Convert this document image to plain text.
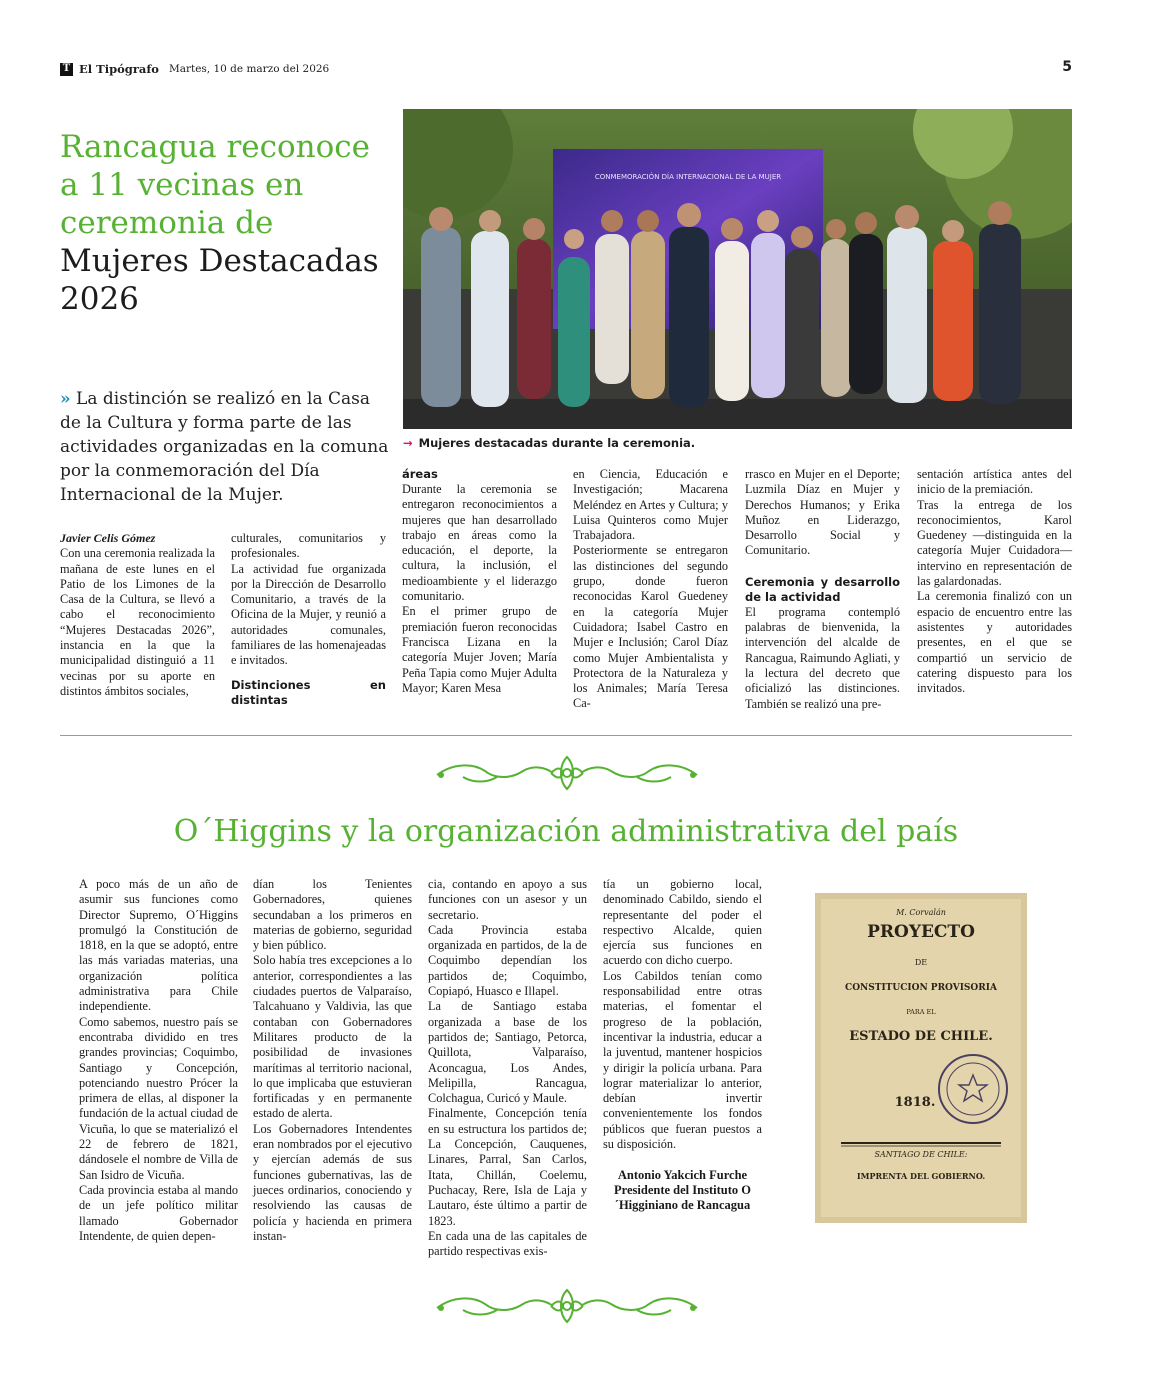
T El Tipógrafo Martes, 10 de marzo del 2026	5
Rancagua reconoce a 11 vecinas en ceremonia de
Mujeres Destacadas 2026
CONMEMORACIÓN DÍA INTERNACIONAL DE LA MUJER
→ Mujeres destacadas durante la ceremonia.
» La distinción se realizó en la Casa de la Cultura y forma parte de las actividades organizadas en la comuna por la conmemoración del Día Internacional de la Mujer.

Javier Celis Gómez

Con una ceremonia realizada la mañana de este lunes en el Patio de los Limones de la Casa de la Cultura, se llevó a cabo el reconocimiento “Mujeres Destacadas 2026”, instancia en la que la municipalidad distinguió a 11 vecinas por su aporte en distintos ámbitos sociales,

culturales, comunitarios y profesionales.

La actividad fue organizada por la Dirección de Desarrollo Comunitario, a través de la Oficina de la Mujer, y reunió a autoridades comunales, familiares de las homenajeadas e invitados.

Distinciones en distintas

áreas

Durante la ceremonia se entregaron reconocimientos a mujeres que han desarrollado trabajo en áreas como la educación, el deporte, la cultura, la inclusión, el medioambiente y el liderazgo comunitario.

En el primer grupo de premiación fueron reconocidas Francisca Lizana en la categoría Mujer Joven; María Peña Tapia como Mujer Adulta Mayor; Karen Mesa

en Ciencia, Educación e Investigación; Macarena Meléndez en Artes y Cultura; y Luisa Quinteros como Mujer Trabajadora.

Posteriormente se entregaron las distinciones del segundo grupo, donde fueron reconocidas Karol Guedeney en la categoría Mujer Cuidadora; Isabel Castro en Mujer e Inclusión; Carol Díaz como Mujer Ambientalista y Protectora de la Naturaleza y los Animales; María Teresa Ca-

rrasco en Mujer en el Deporte; Luzmila Díaz en Mujer y Derechos Humanos; y Erika Muñoz en Liderazgo, Desarrollo Social y Comunitario.

Ceremonia y desarrollo de la actividad

El programa contempló palabras de bienvenida, la intervención del alcalde de Rancagua, Raimundo Agliati, y la lectura del decreto que oficializó las distinciones. También se realizó una pre-

sentación artística antes del inicio de la premiación.

Tras la entrega de los reconocimientos, Karol Guedeney —distinguida en la categoría Mujer Cuidadora— intervino en representación de las galardonadas.

La ceremonia finalizó con un espacio de encuentro entre las asistentes y autoridades presentes, en el que se compartió un servicio de catering dispuesto para los invitados.

O´Higgins y la organización administrativa del país

A poco más de un año de asumir sus funciones como Director Supremo, O´Higgins promulgó la Constitución de 1818, en la que se adoptó, entre las más variadas materias, una organización política administrativa para Chile independiente.

Como sabemos, nuestro país se encontraba dividido en tres grandes provincias; Coquimbo, Santiago y Concepción, potenciando nuestro Prócer la primera de ellas, al disponer la fundación de la actual ciudad de Vicuña, lo que se materializó el 22 de febrero de 1821, dándosele el nombre de Villa de San Isidro de Vicuña.

Cada provincia estaba al mando de un jefe político militar llamado Gobernador Intendente, de quien depen-

dían los Tenientes Gobernadores, quienes secundaban a los primeros en materias de gobierno, seguridad y bien público.

Solo había tres excepciones a lo anterior, correspondientes a las ciudades puertos de Valparaíso, Talcahuano y Valdivia, las que contaban con Gobernadores Militares producto de la posibilidad de invasiones marítimas al territorio nacional, lo que implicaba que estuvieran fortificadas y en permanente estado de alerta.

Los Gobernadores Intendentes eran nombrados por el ejecutivo y ejercían además de sus funciones gubernativas, las de jueces ordinarios, conociendo y resolviendo las causas de policía y hacienda en primera instan-

cia, contando en apoyo a sus funciones con un asesor y un secretario.

Cada Provincia estaba organizada en partidos, de la de Coquimbo dependían los partidos de; Coquimbo, Copiapó, Huasco e Illapel.

La de Santiago estaba organizada a base de los partidos de; Santiago, Petorca, Quillota, Valparaíso, Aconcagua, Los Andes, Melipilla, Rancagua, Colchagua, Curicó y Maule.

Finalmente, Concepción tenía en su estructura los partidos de; La Concepción, Cauquenes, Linares, Parral, San Carlos, Itata, Chillán, Coelemu, Puchacay, Rere, Isla de Laja y Lautaro, éste último a partir de 1823.

En cada una de las capitales de partido respectivas exis-

tía un gobierno local, denominado Cabildo, siendo el representante del poder el respectivo Alcalde, quien ejercía sus funciones en acuerdo con dicho cuerpo.

Los Cabildos tenían como responsabilidad entre otras materias, el fomentar el progreso de la población, incentivar la industria, educar a la juventud, mantener hospicios y dirigir la policía urbana. Para lograr materializar lo anterior, debían invertir convenientemente los fondos públicos que fueran puestos a su disposición.

Antonio Yakcich Furche

Presidente del Instituto O´Higginiano de Rancagua

M. Corvalán
PROYECTO
DE
CONSTITUCION PROVISORIA
PARA EL
ESTADO DE CHILE.
1818.
SANTIAGO DE CHILE:
IMPRENTA DEL GOBIERNO.
